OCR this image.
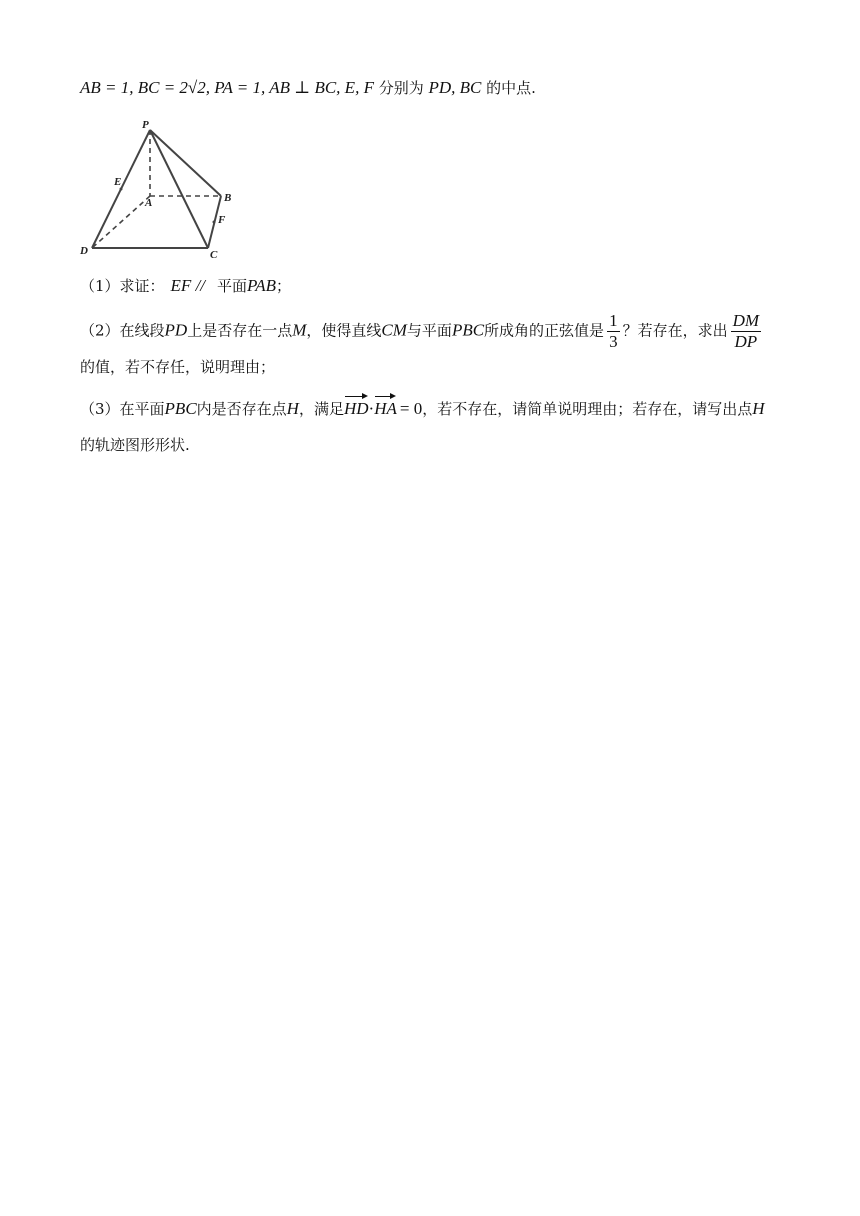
AB = 1, BC = 2√2, PA = 1, AB ⊥ BC, E, F 分别为 PD, BC 的中点.
P
A	B
C
D
E
F
（1）求证： EF // 平面PAB；
（2）在线段PD上是否存在一点M，使得直线CM与平面PBC所成角的正弦值是 $\frac{1}{3}$ ？若存在，求出 $\frac{DM}{DP}$
的值，若不存任，说明理由；
（3）在平面PBC内是否存在点H，满足HD·HA = 0，若不存在，请简单说明理由；若存在，请写出点H
的轨迹图形形状.
